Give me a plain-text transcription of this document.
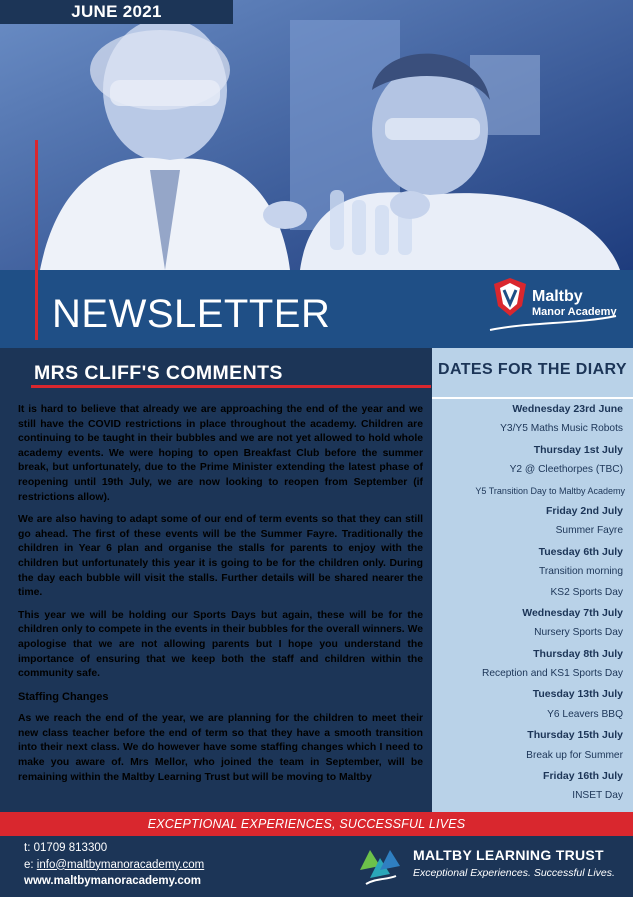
JUNE 2021
NEWSLETTER	Maltby
Manor Academy
MRS CLIFF'S COMMENTS

It is hard to believe that already we are approaching the end of the year and we still have the COVID restrictions in place throughout the academy. Children are continuing to be taught in their bubbles and we are not yet allowed to hold whole academy events. We were hoping to open Breakfast Club before the summer break, but unfortunately, due to the Prime Minister extending the latest phase of reopening until 19th July, we are now looking to reopen from September (if restrictions allow).

We are also having to adapt some of our end of term events so that they can still go ahead. The first of these events will be the Summer Fayre. Traditionally the children in Year 6 plan and organise the stalls for parents to enjoy with the children but unfortunately this year it is going to be for the children only. During the day each bubble will visit the stalls. Further details will be shared nearer the time.

This year we will be holding our Sports Days but again, these will be for the children only to compete in the events in their bubbles for the overall winners. We apologise that we are not allowing parents but I hope you understand the importance of ensuring that we keep both the staff and children within the community safe.

Staffing Changes

As we reach the end of the year, we are planning for the children to meet their new class teacher before the end of term so that they have a smooth transition into their next class. We do however have some staffing changes which I need to make you aware of. Mrs Mellor, who joined the team in September, will be remaining within the Maltby Learning Trust but will be moving to Maltby

DATES FOR THE DIARY
Wednesday 23rd June
Y3/Y5 Maths Music Robots
Thursday 1st July
Y2 @ Cleethorpes (TBC)
Y5 Transition Day to Maltby Academy
Friday 2nd July
Summer Fayre
Tuesday 6th July
Transition morning
KS2 Sports Day
Wednesday 7th July
Nursery Sports Day
Thursday 8th July
Reception and KS1 Sports Day
Tuesday 13th July
Y6 Leavers BBQ
Thursday 15th July
Break up for Summer
Friday 16th July
INSET Day
EXCEPTIONAL EXPERIENCES, SUCCESSFUL LIVES
t: 01709 813300
e: info@maltbymanoracademy.com
www.maltbymanoracademy.com
MALTBY LEARNING TRUST
Exceptional Experiences. Successful Lives.
